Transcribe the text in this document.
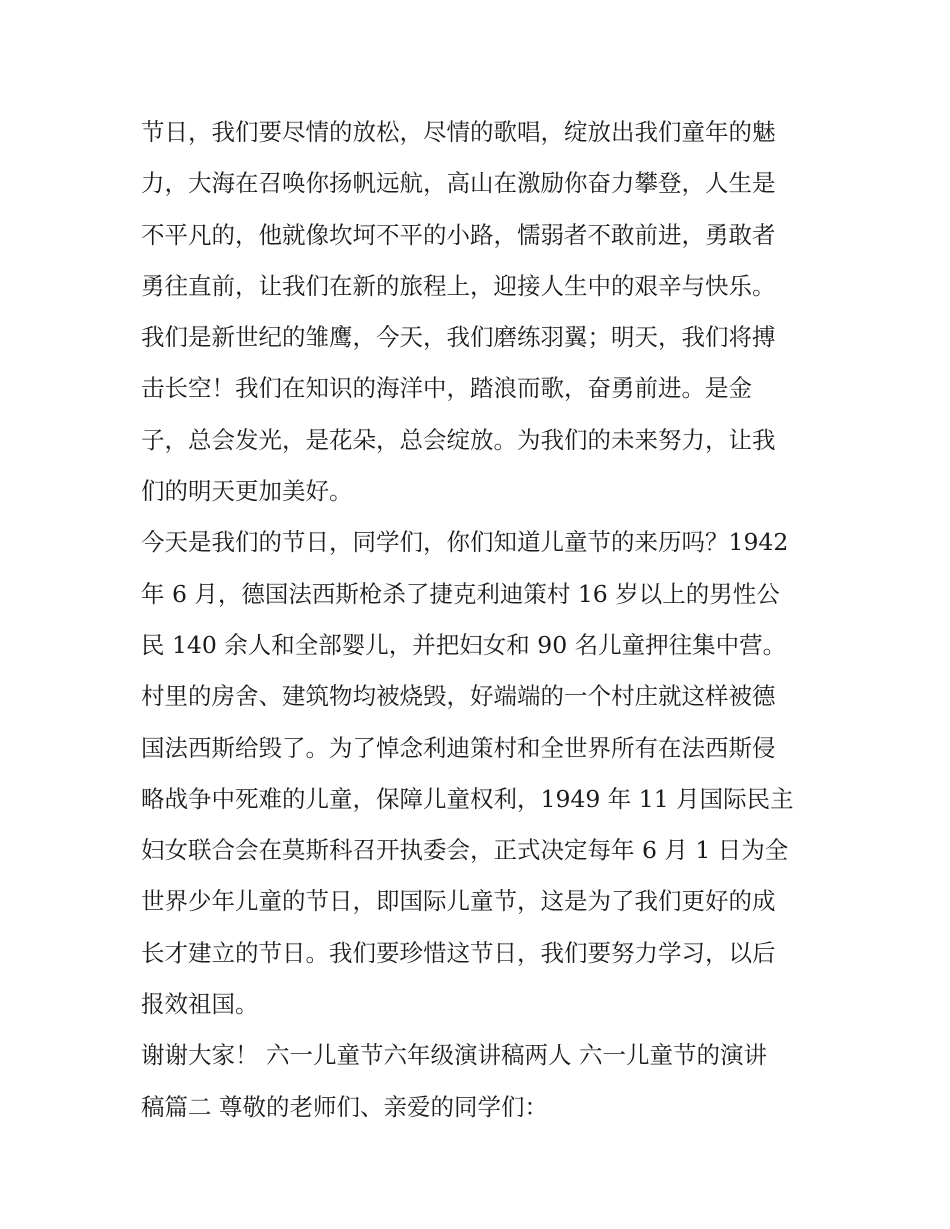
节日，我们要尽情的放松，尽情的歌唱，绽放出我们童年的魅
力，大海在召唤你扬帆远航，高山在激励你奋力攀登，人生是
不平凡的，他就像坎坷不平的小路，懦弱者不敢前进，勇敢者
勇往直前，让我们在新的旅程上，迎接人生中的艰辛与快乐。
我们是新世纪的雏鹰，今天，我们磨练羽翼；明天，我们将搏
击长空！我们在知识的海洋中，踏浪而歌，奋勇前进。是金
子，总会发光，是花朵，总会绽放。为我们的未来努力，让我
们的明天更加美好。
今天是我们的节日，同学们，你们知道儿童节的来历吗？1942
年 6 月，德国法西斯枪杀了捷克利迪策村 16 岁以上的男性公
民 140 余人和全部婴儿，并把妇女和 90 名儿童押往集中营。
村里的房舍、建筑物均被烧毁，好端端的一个村庄就这样被德
国法西斯给毁了。为了悼念利迪策村和全世界所有在法西斯侵
略战争中死难的儿童，保障儿童权利，1949 年 11 月国际民主
妇女联合会在莫斯科召开执委会，正式决定每年 6 月 1 日为全
世界少年儿童的节日，即国际儿童节，这是为了我们更好的成
长才建立的节日。我们要珍惜这节日，我们要努力学习，以后
报效祖国。
谢谢大家！ 六一儿童节六年级演讲稿两人 六一儿童节的演讲
稿篇二 尊敬的老师们、亲爱的同学们：
